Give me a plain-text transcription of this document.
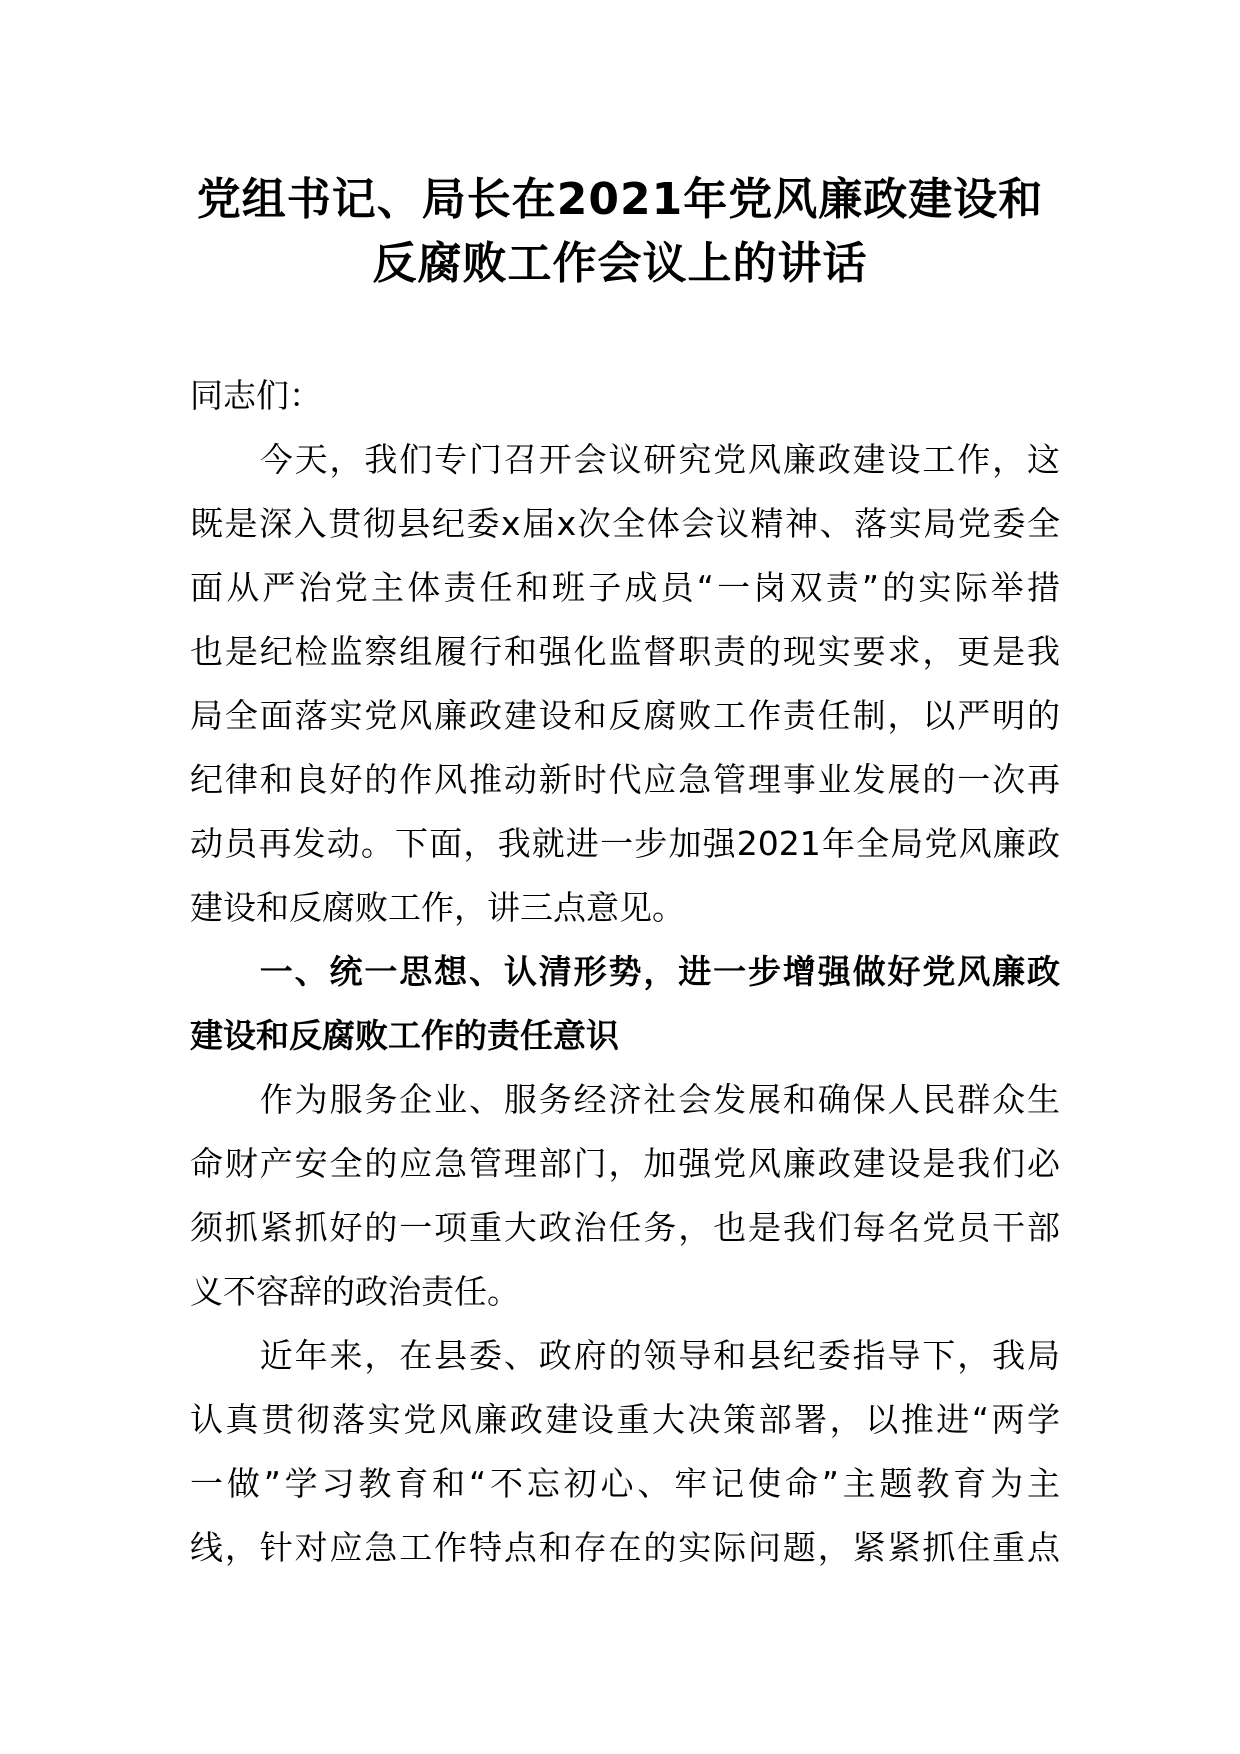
党组书记、局长在2021年党风廉政建设和
反腐败工作会议上的讲话

同志们：

　　今天，我们专门召开会议研究党风廉政建设工作，这

既是深入贯彻县纪委x届x次全体会议精神、落实局党委全

面从严治党主体责任和班子成员“一岗双责”的实际举措

也是纪检监察组履行和强化监督职责的现实要求，更是我

局全面落实党风廉政建设和反腐败工作责任制，以严明的

纪律和良好的作风推动新时代应急管理事业发展的一次再

动员再发动。下面，我就进一步加强2021年全局党风廉政

建设和反腐败工作，讲三点意见。

　　一、统一思想、认清形势，进一步增强做好党风廉政

建设和反腐败工作的责任意识

　　作为服务企业、服务经济社会发展和确保人民群众生

命财产安全的应急管理部门，加强党风廉政建设是我们必

须抓紧抓好的一项重大政治任务，也是我们每名党员干部

义不容辞的政治责任。

　　近年来，在县委、政府的领导和县纪委指导下，我局

认真贯彻落实党风廉政建设重大决策部署，以推进“两学

一做”学习教育和“不忘初心、牢记使命”主题教育为主

线，针对应急工作特点和存在的实际问题，紧紧抓住重点
